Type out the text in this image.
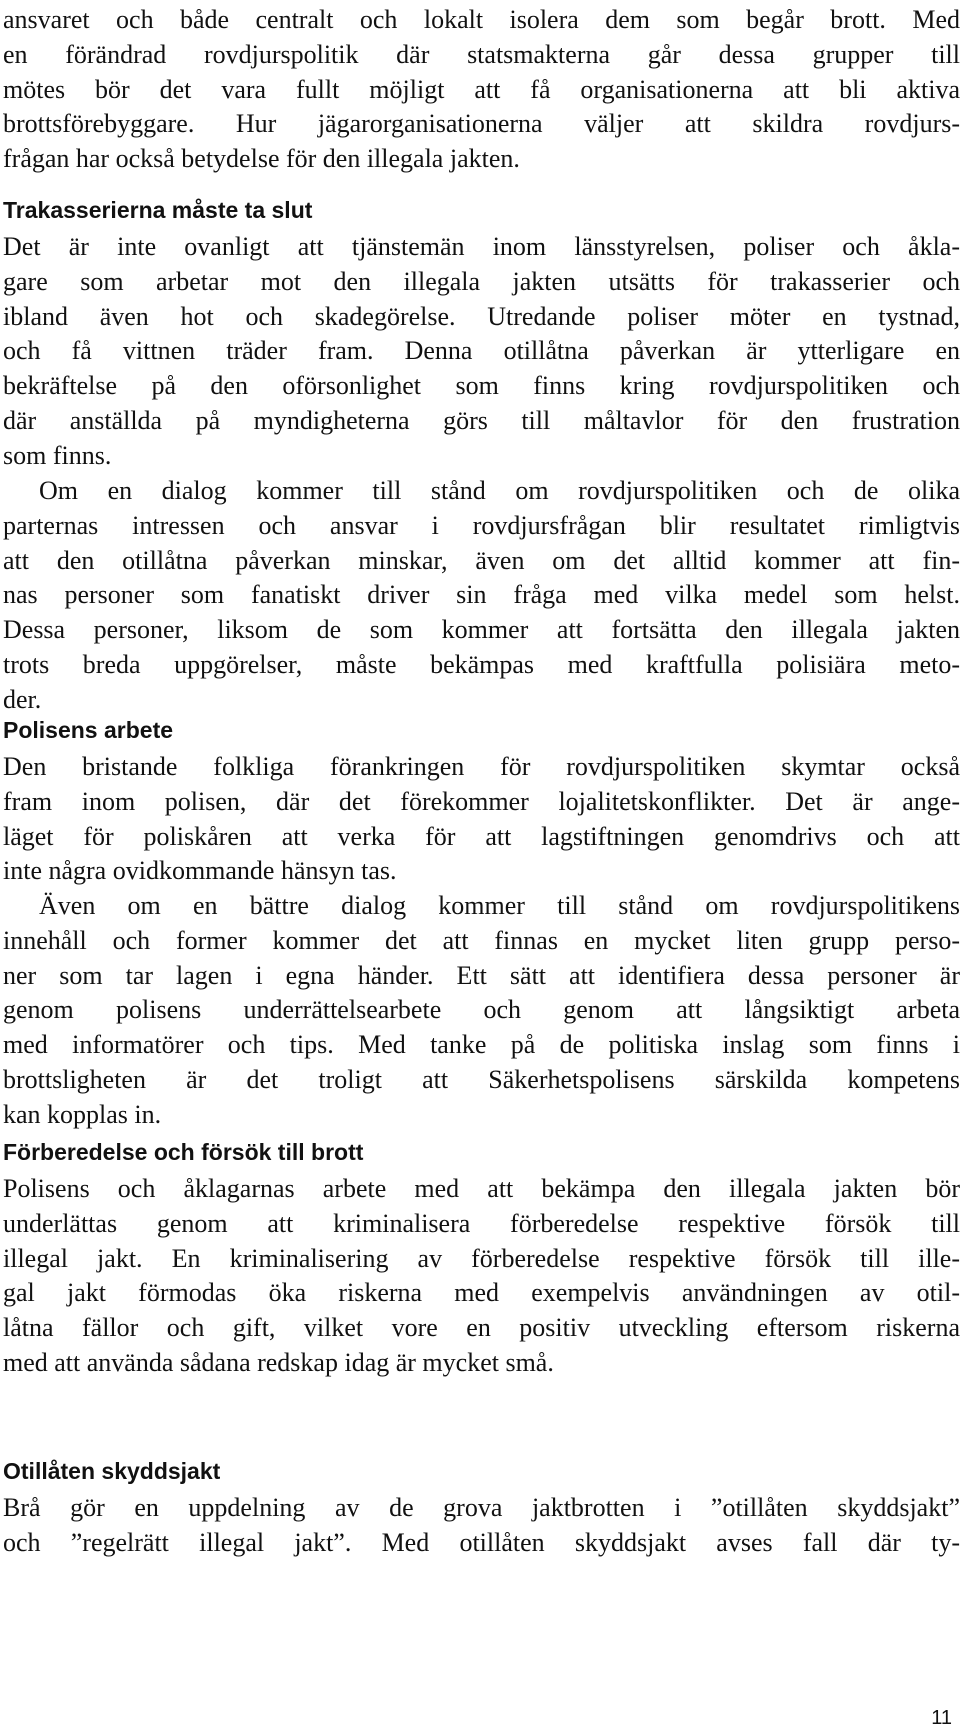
ansvaret och både centralt och lokalt isolera dem som begår brott. Med
en förändrad rovdjurspolitik där statsmakterna går dessa grupper till
mötes bör det vara fullt möjligt att få organisationerna att bli aktiva
brottsförebyggare. Hur jägarorganisationerna väljer att skildra rovdjurs-
frågan har också betydelse för den illegala jakten.
Trakasserierna måste ta slut
Det är inte ovanligt att tjänstemän inom länsstyrelsen, poliser och åkla-
gare som arbetar mot den illegala jakten utsätts för trakasserier och
ibland även hot och skadegörelse. Utredande poliser möter en tystnad,
och få vittnen träder fram. Denna otillåtna påverkan är ytterligare en
bekräftelse på den oförsonlighet som finns kring rovdjurspolitiken och
där anställda på myndigheterna görs till måltavlor för den frustration
som finns.
Om en dialog kommer till stånd om rovdjurspolitiken och de olika
parternas intressen och ansvar i rovdjursfrågan blir resultatet rimligtvis
att den otillåtna påverkan minskar, även om det alltid kommer att fin-
nas personer som fanatiskt driver sin fråga med vilka medel som helst.
Dessa personer, liksom de som kommer att fortsätta den illegala jakten
trots breda uppgörelser, måste bekämpas med kraftfulla polisiära meto-
der.
Polisens arbete
Den bristande folkliga förankringen för rovdjurspolitiken skymtar också
fram inom polisen, där det förekommer lojalitetskonflikter. Det är ange-
läget för poliskåren att verka för att lagstiftningen genomdrivs och att
inte några ovidkommande hänsyn tas.
Även om en bättre dialog kommer till stånd om rovdjurspolitikens
innehåll och former kommer det att finnas en mycket liten grupp perso-
ner som tar lagen i egna händer. Ett sätt att identifiera dessa personer är
genom polisens underrättelsearbete och genom att långsiktigt arbeta
med informatörer och tips. Med tanke på de politiska inslag som finns i
brottsligheten är det troligt att Säkerhetspolisens särskilda kompetens
kan kopplas in.
Förberedelse och försök till brott
Polisens och åklagarnas arbete med att bekämpa den illegala jakten bör
underlättas genom att kriminalisera förberedelse respektive försök till
illegal jakt. En kriminalisering av förberedelse respektive försök till ille-
gal jakt förmodas öka riskerna med exempelvis användningen av otil-
låtna fällor och gift, vilket vore en positiv utveckling eftersom riskerna
med att använda sådana redskap idag är mycket små.
Otillåten skyddsjakt
Brå gör en uppdelning av de grova jaktbrotten i ”otillåten skyddsjakt”
och ”regelrätt illegal jakt”. Med otillåten skyddsjakt avses fall där ty-
11
